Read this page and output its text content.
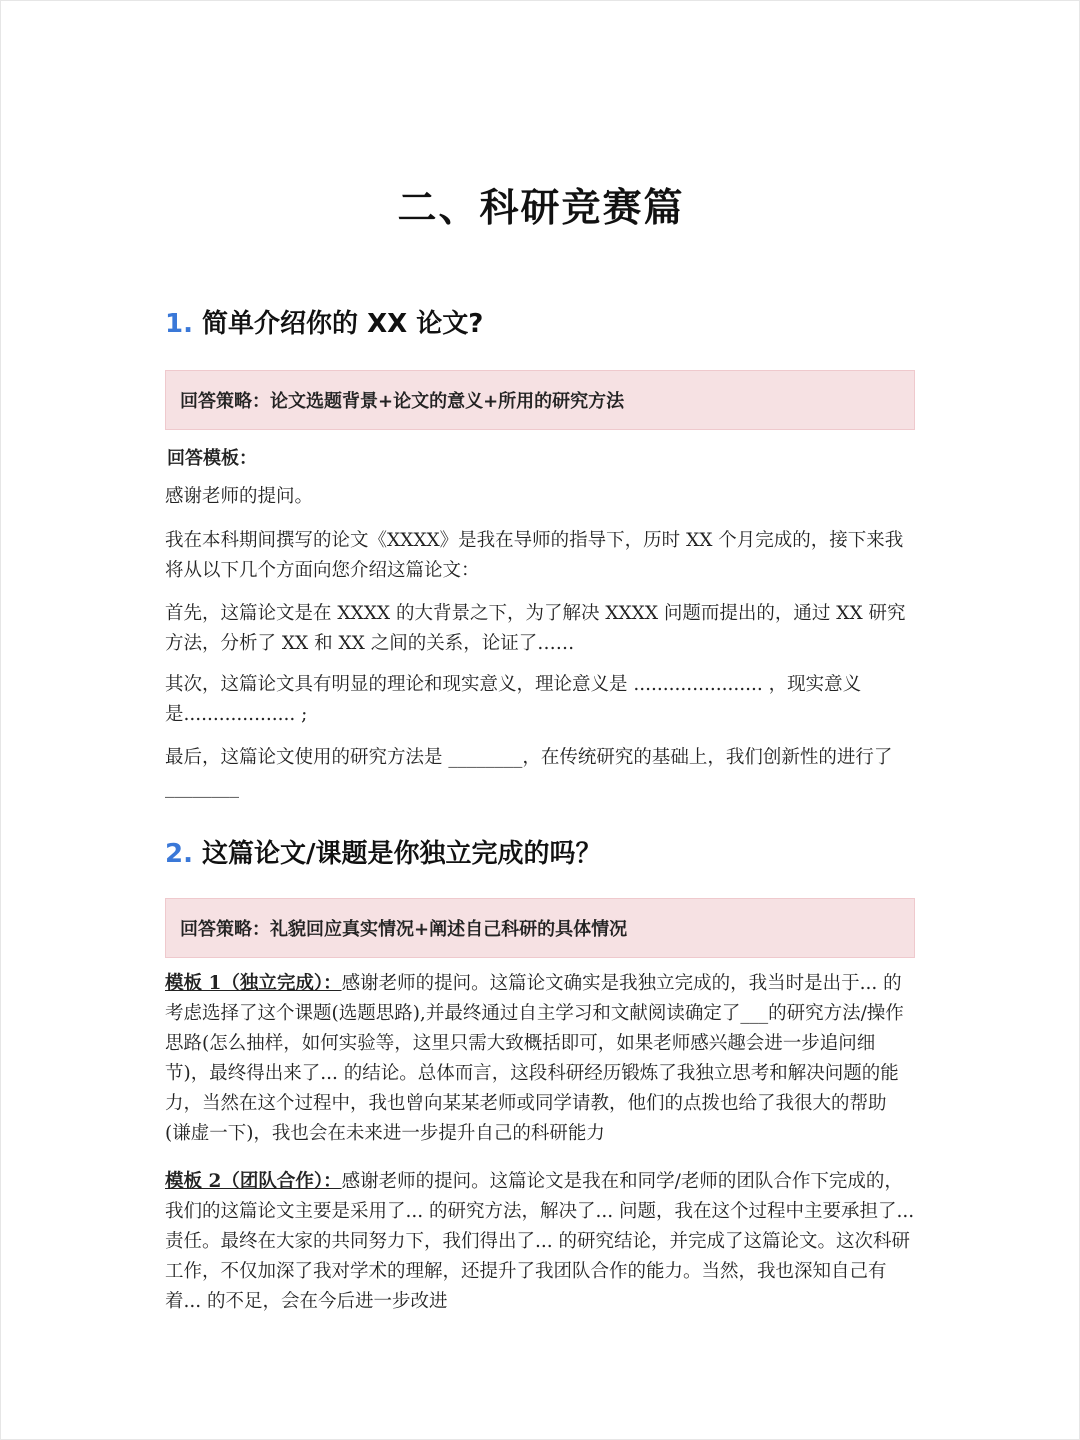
二、科研竞赛篇
1. 简单介绍你的 XX 论文?
回答策略：论文选题背景+论文的意义+所用的研究方法
回答模板：
感谢老师的提问。
我在本科期间撰写的论文《XXXX》是我在导师的指导下，历时 XX 个月完成的，接下来我将从以下几个方面向您介绍这篇论文：
首先，这篇论文是在 XXXX 的大背景之下，为了解决 XXXX 问题而提出的，通过 XX 研究方法，分析了 XX 和 XX 之间的关系，论证了……
其次，这篇论文具有明显的理论和现实意义，理论意义是 ...................... ，现实意义是................... ;
最后，这篇论文使用的研究方法是 ________，在传统研究的基础上，我们创新性的进行了________
2. 这篇论文/课题是你独立完成的吗？
回答策略：礼貌回应真实情况+阐述自己科研的具体情况
模板 1（独立完成）：感谢老师的提问。这篇论文确实是我独立完成的，我当时是出于... 的考虑选择了这个课题(选题思路),并最终通过自主学习和文献阅读确定了___的研究方法/操作思路(怎么抽样，如何实验等，这里只需大致概括即可，如果老师感兴趣会进一步追问细节)，最终得出来了... 的结论。总体而言，这段科研经历锻炼了我独立思考和解决问题的能力，当然在这个过程中，我也曾向某某老师或同学请教，他们的点拨也给了我很大的帮助 (谦虚一下)，我也会在未来进一步提升自己的科研能力
模板 2（团队合作）：感谢老师的提问。这篇论文是我在和同学/老师的团队合作下完成的，我们的这篇论文主要是采用了... 的研究方法，解决了... 问题，我在这个过程中主要承担了... 责任。最终在大家的共同努力下，我们得出了... 的研究结论，并完成了这篇论文。这次科研工作，不仅加深了我对学术的理解，还提升了我团队合作的能力。当然，我也深知自己有着... 的不足，会在今后进一步改进
